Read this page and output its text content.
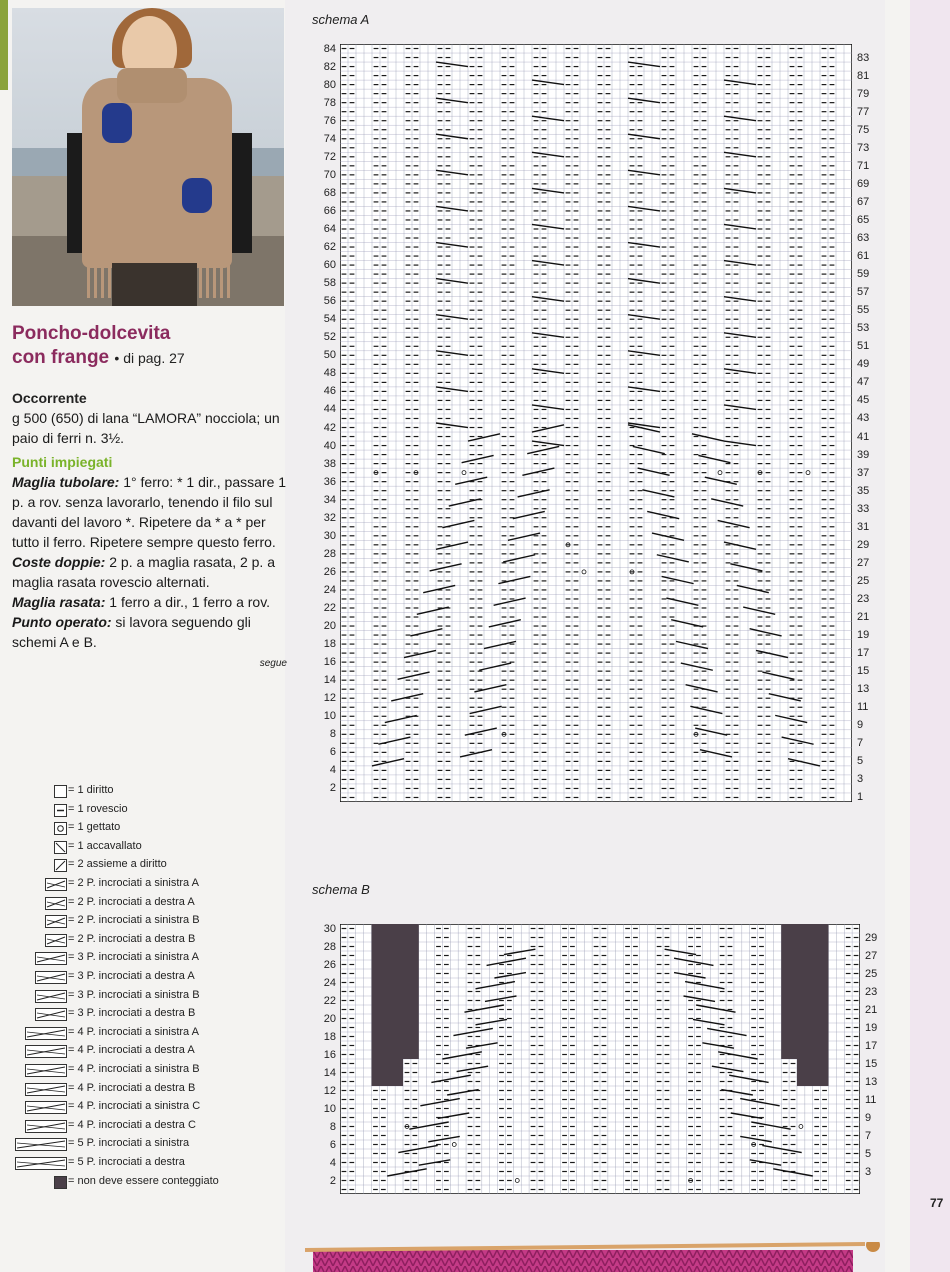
Poncho-dolcevita
con frange • di pag. 27
Occorrente

g 500 (650) di lana “LAMORA” nocciola; un paio di ferri n. 3½.

Punti impiegati

Maglia tubolare: 1° ferro: * 1 dir., passare 1 p. a rov. senza lavorarlo, tenendo il filo sul davanti del lavoro *. Ripetere da * a * per tutto il ferro. Ripetere sempre questo ferro.

Coste doppie: 2 p. a maglia rasata, 2 p. a maglia rasata rovescio alternati.

Maglia rasata: 1 ferro a dir., 1 ferro a rov.

Punto operato: si lavora seguendo gli schemi A e B.

segue
= 1 diritto
= 1 rovescio
= 1 gettato
= 1 accavallato
= 2 assieme a diritto
= 2 P. incrociati a sinistra A
= 2 P. incrociati a destra A
= 2 P. incrociati a sinistra B
= 2 P. incrociati a destra B
= 3 P. incrociati a sinistra A
= 3 P. incrociati a destra A
= 3 P. incrociati a sinistra B
= 3 P. incrociati a destra B
= 4 P. incrociati a sinistra A
= 4 P. incrociati a destra A
= 4 P. incrociati a sinistra B
= 4 P. incrociati a destra B
= 4 P. incrociati a sinistra C
= 4 P. incrociati a destra C
= 5 P. incrociati a sinistra
= 5 P. incrociati a destra
= non deve essere conteggiato
schema A
84
82
80
78
76
74
72
70
68
66
64
62
60
58
56
54
52
50
48
46
44
42
40
38
36
34
32
30
28
26
24
22
20
18
16
14
12
10
8
6
4
2
83
81
79
77
75
73
71
69
67
65
63
61
59
57
55
53
51
49
47
45
43
41
39
37
35
33
31
29
27
25
23
21
19
17
15
13
11
9
7
5
3
1
schema B
30
28
26
24
22
20
18
16
14
12
10
8
6
4
2
29
27
25
23
21
19
17
15
13
11
9
7
5
3
77
